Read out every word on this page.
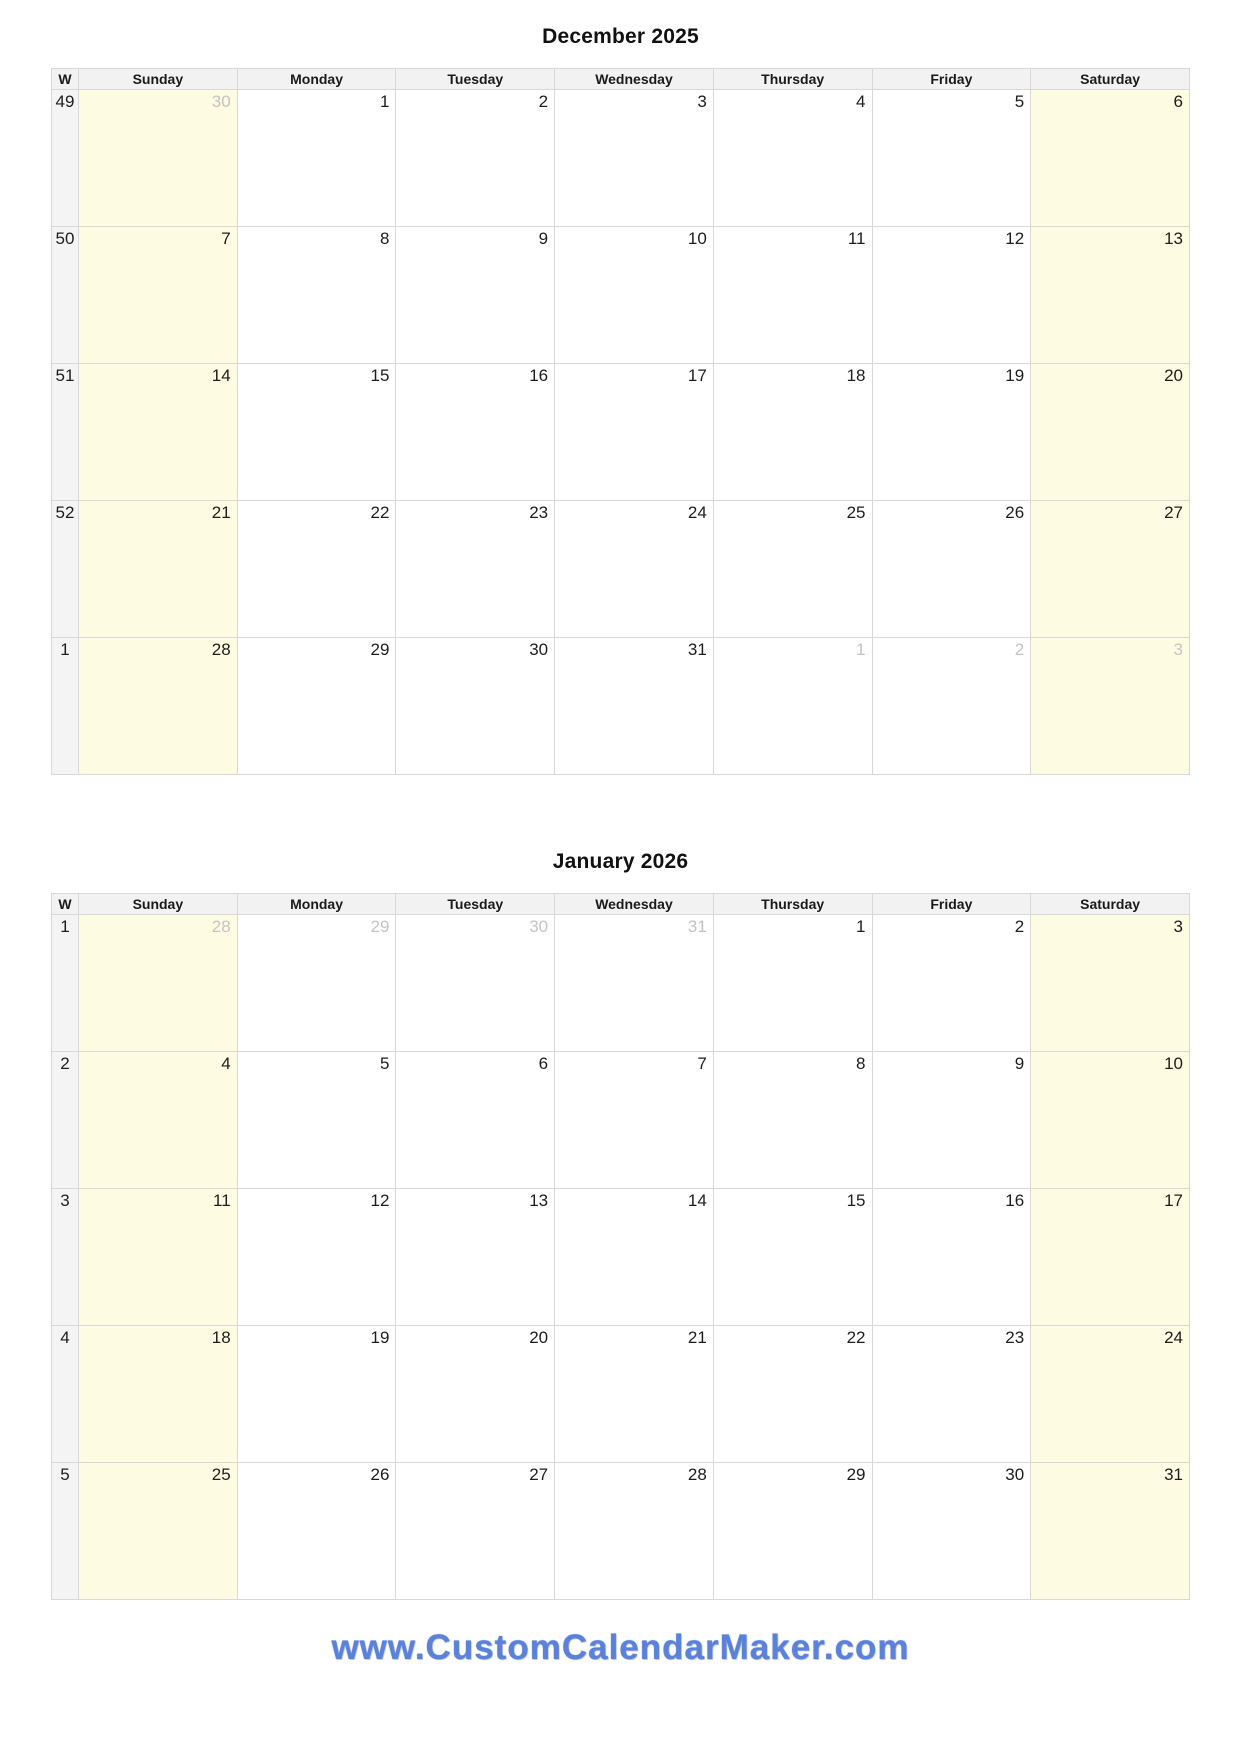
December 2025
W	Sunday	Monday	Tuesday	Wednesday	Thursday	Friday	Saturday
49	30	1	2	3	4	5	6
50	7	8	9	10	11	12	13
51	14	15	16	17	18	19	20
52	21	22	23	24	25	26	27
1	28	29	30	31	1	2	3
January 2026
W	Sunday	Monday	Tuesday	Wednesday	Thursday	Friday	Saturday
1	28	29	30	31	1	2	3
2	4	5	6	7	8	9	10
3	11	12	13	14	15	16	17
4	18	19	20	21	22	23	24
5	25	26	27	28	29	30	31
www.CustomCalendarMaker.com
